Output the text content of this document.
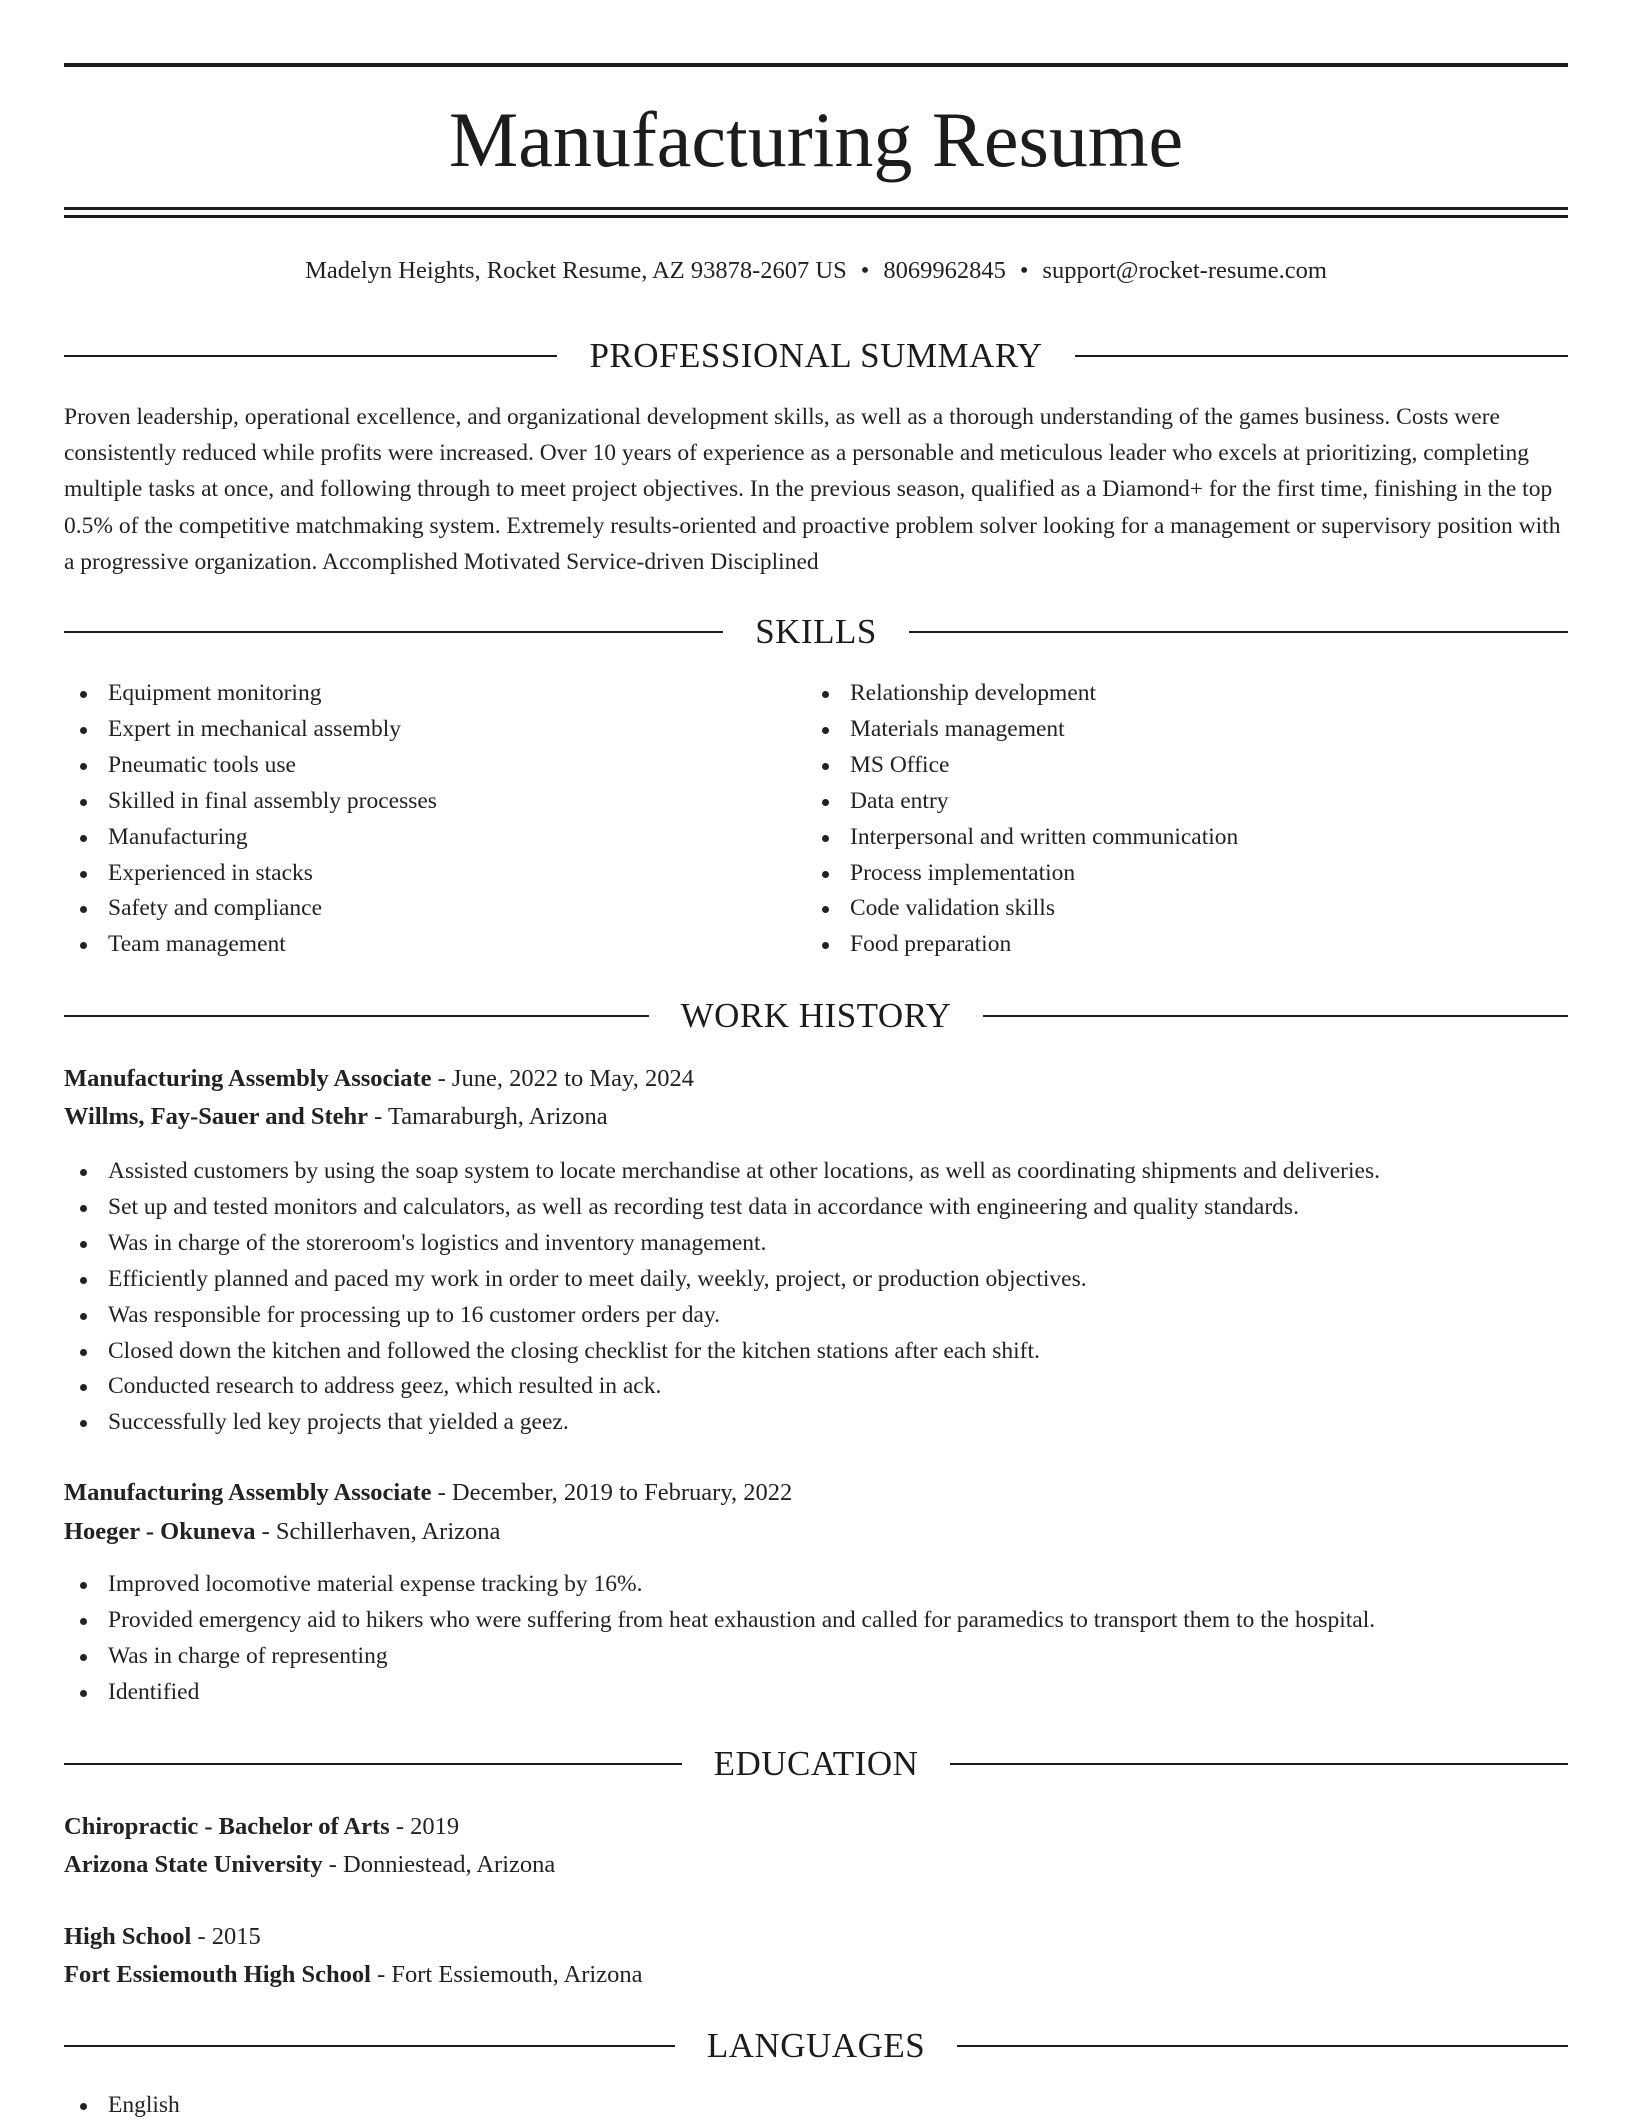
Manufacturing Resume
Madelyn Heights, Rocket Resume, AZ 93878-2607 US • 8069962845 • support@rocket-resume.com
PROFESSIONAL SUMMARY
Proven leadership, operational excellence, and organizational development skills, as well as a thorough understanding of the games business. Costs were consistently reduced while profits were increased. Over 10 years of experience as a personable and meticulous leader who excels at prioritizing, completing multiple tasks at once, and following through to meet project objectives. In the previous season, qualified as a Diamond+ for the first time, finishing in the top 0.5% of the competitive matchmaking system. Extremely results-oriented and proactive problem solver looking for a management or supervisory position with a progressive organization. Accomplished Motivated Service-driven Disciplined
SKILLS
Equipment monitoring
Expert in mechanical assembly
Pneumatic tools use
Skilled in final assembly processes
Manufacturing
Experienced in stacks
Safety and compliance
Team management
Relationship development
Materials management
MS Office
Data entry
Interpersonal and written communication
Process implementation
Code validation skills
Food preparation
WORK HISTORY
Manufacturing Assembly Associate - June, 2022 to May, 2024
Willms, Fay-Sauer and Stehr - Tamaraburgh, Arizona
Assisted customers by using the soap system to locate merchandise at other locations, as well as coordinating shipments and deliveries.
Set up and tested monitors and calculators, as well as recording test data in accordance with engineering and quality standards.
Was in charge of the storeroom's logistics and inventory management.
Efficiently planned and paced my work in order to meet daily, weekly, project, or production objectives.
Was responsible for processing up to 16 customer orders per day.
Closed down the kitchen and followed the closing checklist for the kitchen stations after each shift.
Conducted research to address geez, which resulted in ack.
Successfully led key projects that yielded a geez.
Manufacturing Assembly Associate - December, 2019 to February, 2022
Hoeger - Okuneva - Schillerhaven, Arizona
Improved locomotive material expense tracking by 16%.
Provided emergency aid to hikers who were suffering from heat exhaustion and called for paramedics to transport them to the hospital.
Was in charge of representing
Identified
EDUCATION
Chiropractic - Bachelor of Arts - 2019
Arizona State University - Donniestead, Arizona
High School - 2015
Fort Essiemouth High School - Fort Essiemouth, Arizona
LANGUAGES
English
